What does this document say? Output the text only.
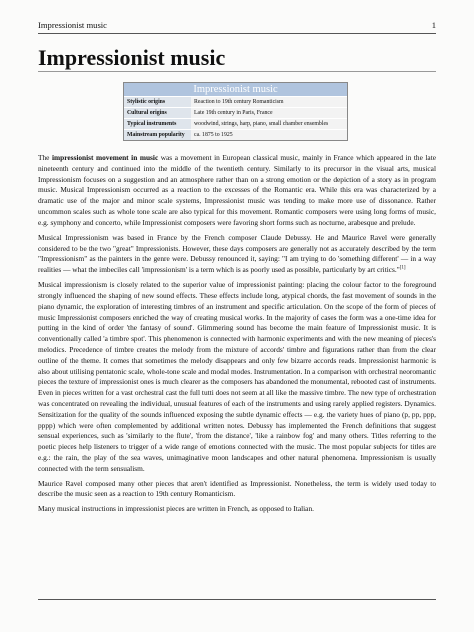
Impressionist music	1
Impressionist music
Impressionist music
Stylistic origins	Reaction to 19th century Romanticism
Cultural origins	Late 19th century in Paris, France
Typical instruments	woodwind, strings, harp, piano, small chamber ensembles
Mainstream popularity	ca. 1875 to 1925

The impressionist movement in music was a movement in European classical music, mainly in France which appeared in the late nineteenth century and continued into the middle of the twentieth century. Similarly to its precursor in the visual arts, musical Impressionism focuses on a suggestion and an atmosphere rather than on a strong emotion or the depiction of a story as in program music. Musical Impressionism occurred as a reaction to the excesses of the Romantic era. While this era was characterized by a dramatic use of the major and minor scale systems, Impressionist music was tending to make more use of dissonance. Rather uncommon scales such as whole tone scale are also typical for this movement. Romantic composers were using long forms of music, e.g. symphony and concerto, while Impressionist composers were favoring short forms such as nocturne, arabesque and prelude.

Musical Impressionism was based in France by the French composer Claude Debussy. He and Maurice Ravel were generally considered to be the two "great" Impressionists. However, these days composers are generally not as accurately described by the term "Impressionism" as the painters in the genre were. Debussy renounced it, saying: "I am trying to do 'something different' — in a way realities — what the imbeciles call 'impressionism' is a term which is as poorly used as possible, particularly by art critics."[1]

Musical impressionism is closely related to the superior value of impressionist painting: placing the colour factor to the foreground strongly influenced the shaping of new sound effects. These effects include long, atypical chords, the fast movement of sounds in the piano dynamic, the exploration of interesting timbres of an instrument and specific articulation. On the scope of the form of pieces of music Impressionist composers enriched the way of creating musical works. In the majority of cases the form was a one-time idea for putting in the kind of order 'the fantasy of sound'. Glimmering sound has become the main feature of Impressionist music. It is conventionally called 'a timbre spot'. This phenomenon is connected with harmonic experiments and with the new meaning of pieces's melodics. Precedence of timbre creates the melody from the mixture of accords' timbre and figurations rather than from the clear outline of the theme. It comes that sometimes the melody disappears and only few bizarre accords reads. Impressionist harmonic is also about utilising pentatonic scale, whole-tone scale and modal modes. Instrumentation. In a comparison with orchestral neoromantic pieces the texture of impressionist ones is much clearer as the composers has abandoned the monumental, rebooted cast of instruments. Even in pieces written for a vast orchestral cast the full tutti does not seem at all like the massive timbre. The new type of orchestration was concentrated on revealing the individual, unusual features of each of the instruments and using rarely applied registers. Dynamics. Sensitization for the quality of the sounds influenced exposing the subtle dynamic effects — e.g. the variety hues of piano (p, pp, ppp, pppp) which were often complemented by additional written notes. Debussy has implemented the French definitions that suggest sensual experiences, such as 'similarly to the flute', 'from the distance', 'like a rainbow fog' and many others. Titles referring to the poetic pieces help listeners to trigger of a wide range of emotions connected with the music. The most popular subjects for titles are e.g.: the rain, the play of the sea waves, unimaginative moon landscapes and other natural phenomena. Impressionism is usually connected with the term sensualism.

Maurice Ravel composed many other pieces that aren't identified as Impressionist. Nonetheless, the term is widely used today to describe the music seen as a reaction to 19th century Romanticism.

Many musical instructions in impressionist pieces are written in French, as opposed to Italian.
